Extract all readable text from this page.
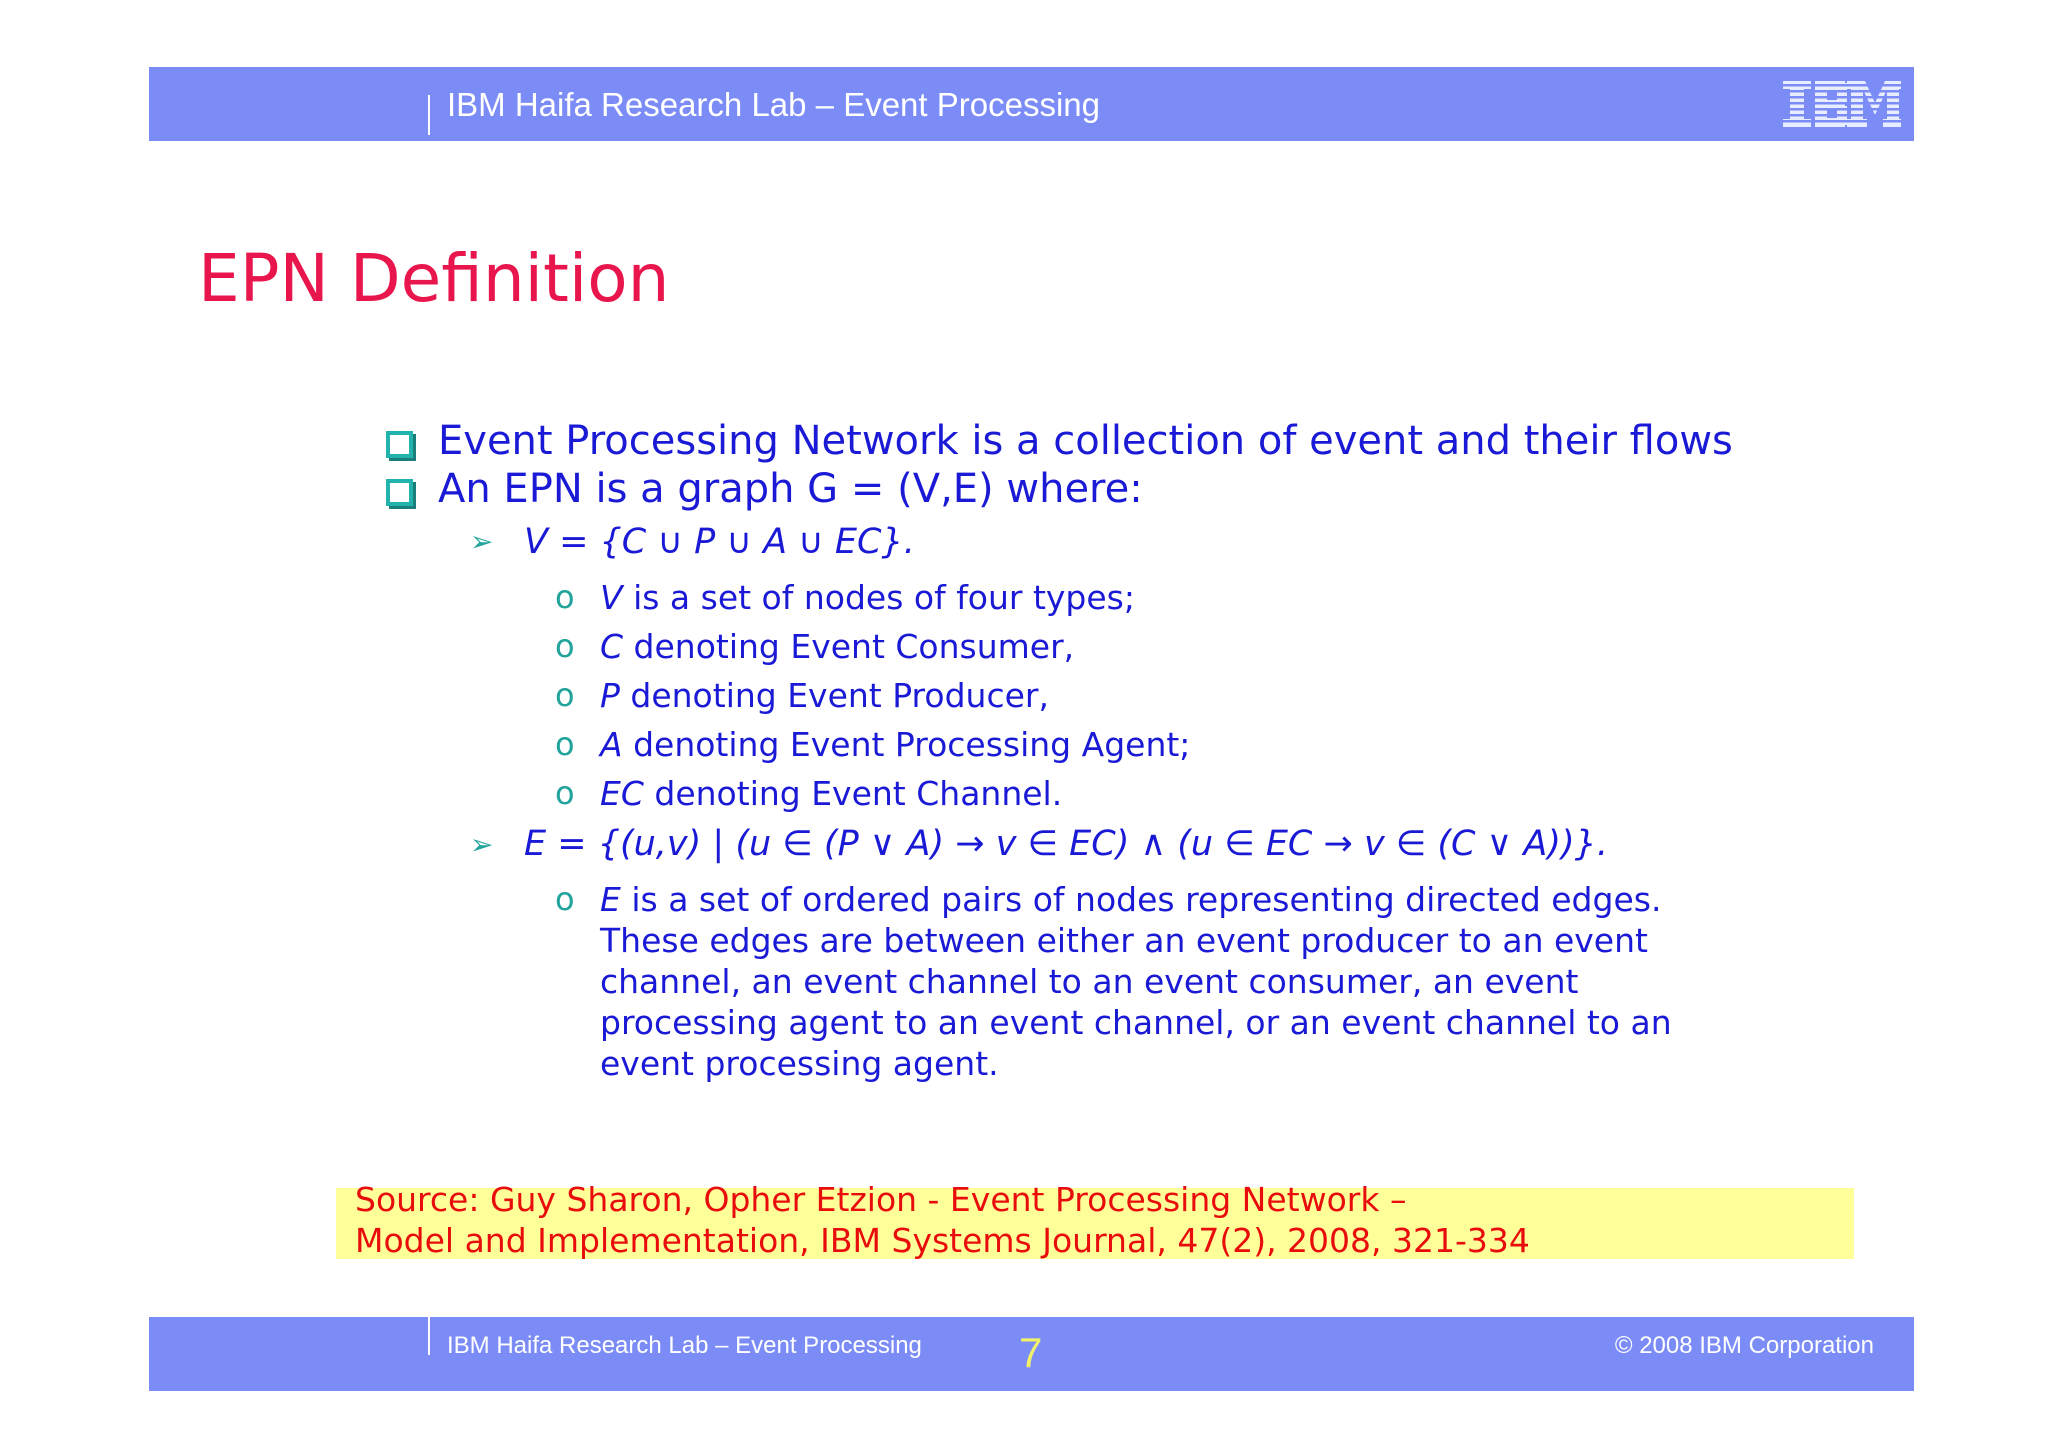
IBM Haifa Research Lab – Event Processing
EPN Definition
Event Processing Network is a collection of event and their flows
An EPN is a graph G = (V,E) where:
➢ V = {C ∪ P ∪ A ∪ EC}.
o V is a set of nodes of four types;
o C denoting Event Consumer,
o P denoting Event Producer,
o A denoting Event Processing Agent;
o EC denoting Event Channel.
➢ E = {(u,v) | (u ∈ (P ∨ A) → v ∈ EC) ∧ (u ∈ EC → v ∈ (C ∨ A))}.
o E is a set of ordered pairs of nodes representing directed edges.
These edges are between either an event producer to an event
channel, an event channel to an event consumer, an event
processing agent to an event channel, or an event channel to an
event processing agent.
Source: Guy Sharon, Opher Etzion - Event Processing Network –
Model and Implementation, IBM Systems Journal, 47(2), 2008, 321-334
IBM Haifa Research Lab – Event Processing 7	© 2008 IBM Corporation
